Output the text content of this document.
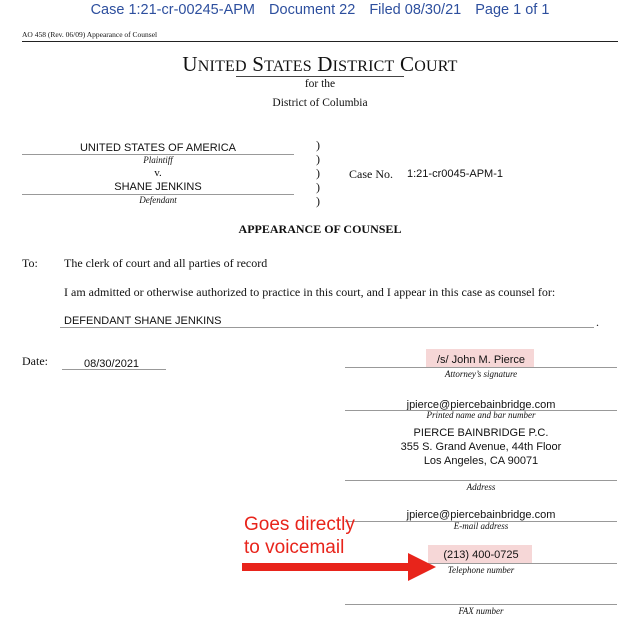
Case 1:21-cr-00245-APM Document 22 Filed 08/30/21 Page 1 of 1
AO 458 (Rev. 06/09) Appearance of Counsel
UNITED STATES DISTRICT COURT
for the
District of Columbia
UNITED STATES OF AMERICA
Plaintiff
v.
SHANE JENKINS
Defendant
)
)
)
)
)
Case No. 1:21-cr0045-APM-1
APPEARANCE OF COUNSEL
To: The clerk of court and all parties of record
I am admitted or otherwise authorized to practice in this court, and I appear in this case as counsel for:
DEFENDANT SHANE JENKINS	.
Date:	08/30/2021	/s/ John M. Pierce
Attorney’s signature
jpierce@piercebainbridge.com
Printed name and bar number
PIERCE BAINBRIDGE P.C.
355 S. Grand Avenue, 44th Floor
Los Angeles, CA 90071
Address
jpierce@piercebainbridge.com
E-mail address
(213) 400-0725
Telephone number
FAX number
Goes directly
to voicemail
